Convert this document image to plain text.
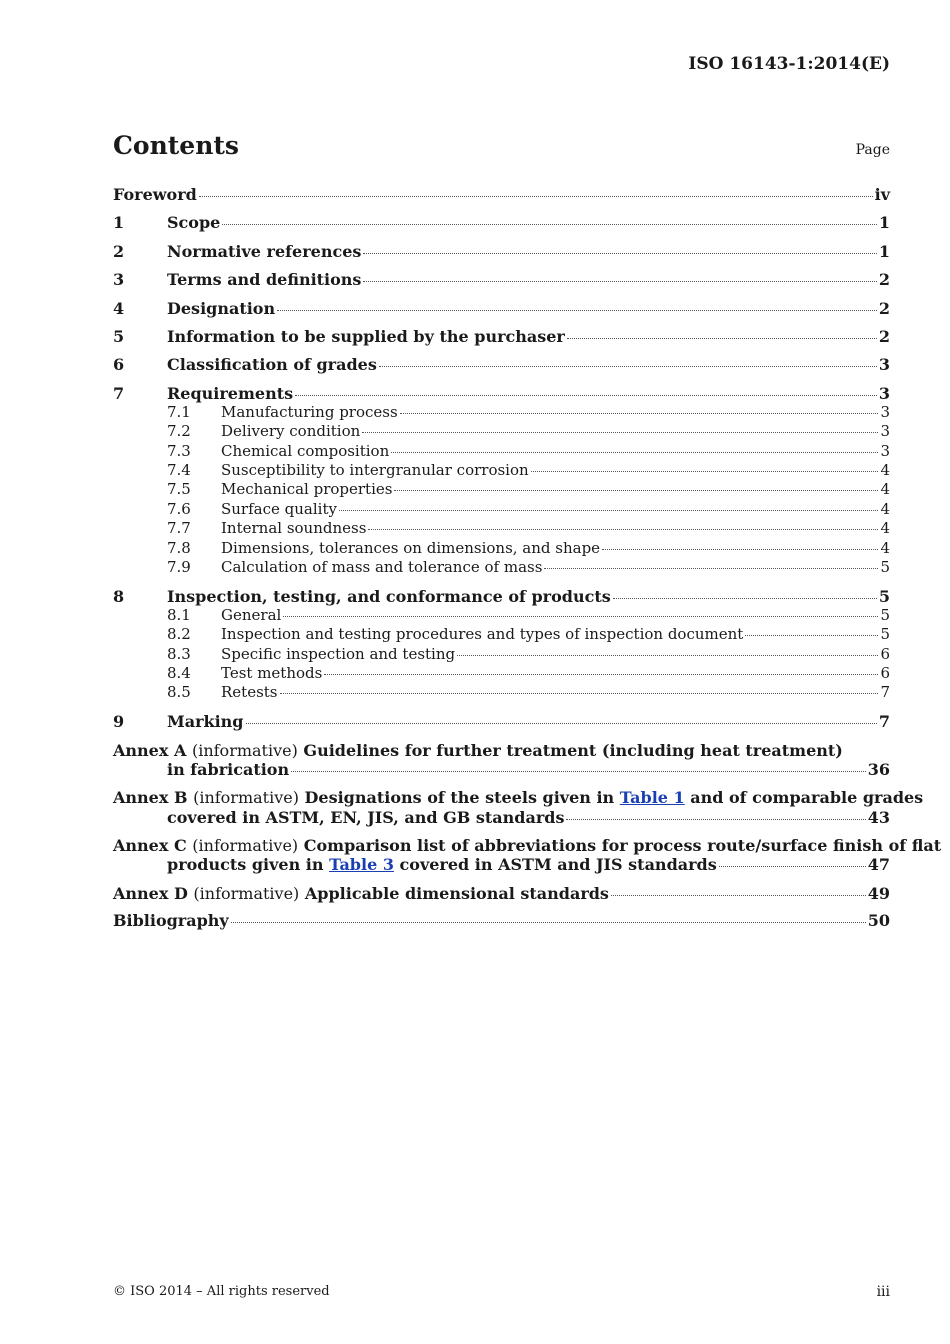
ISO 16143-1:2014(E)
Contents	Page
Foreword	iv
1	Scope	1
2	Normative references	1
3	Terms and definitions	2
4	Designation	2
5	Information to be supplied by the purchaser	2
6	Classification of grades	3
7	Requirements	3
7.1	Manufacturing process	3
7.2	Delivery condition	3
7.3	Chemical composition	3
7.4	Susceptibility to intergranular corrosion	4
7.5	Mechanical properties	4
7.6	Surface quality	4
7.7	Internal soundness	4
7.8	Dimensions, tolerances on dimensions, and shape	4
7.9	Calculation of mass and tolerance of mass	5
8	Inspection, testing, and conformance of products	5
8.1	General	5
8.2	Inspection and testing procedures and types of inspection document	5
8.3	Specific inspection and testing	6
8.4	Test methods	6
8.5	Retests	7
9	Marking	7
Annex A (informative) Guidelines for further treatment (including heat treatment)
in fabrication	36
Annex B (informative) Designations of the steels given in Table 1 and of comparable grades
covered in ASTM, EN, JIS, and GB standards	43
Annex C (informative) Comparison list of abbreviations for process route/surface finish of flat
products given in Table 3 covered in ASTM and JIS standards	47
Annex D (informative) Applicable dimensional standards	49
Bibliography	50
© ISO 2014 – All rights reserved	iii
